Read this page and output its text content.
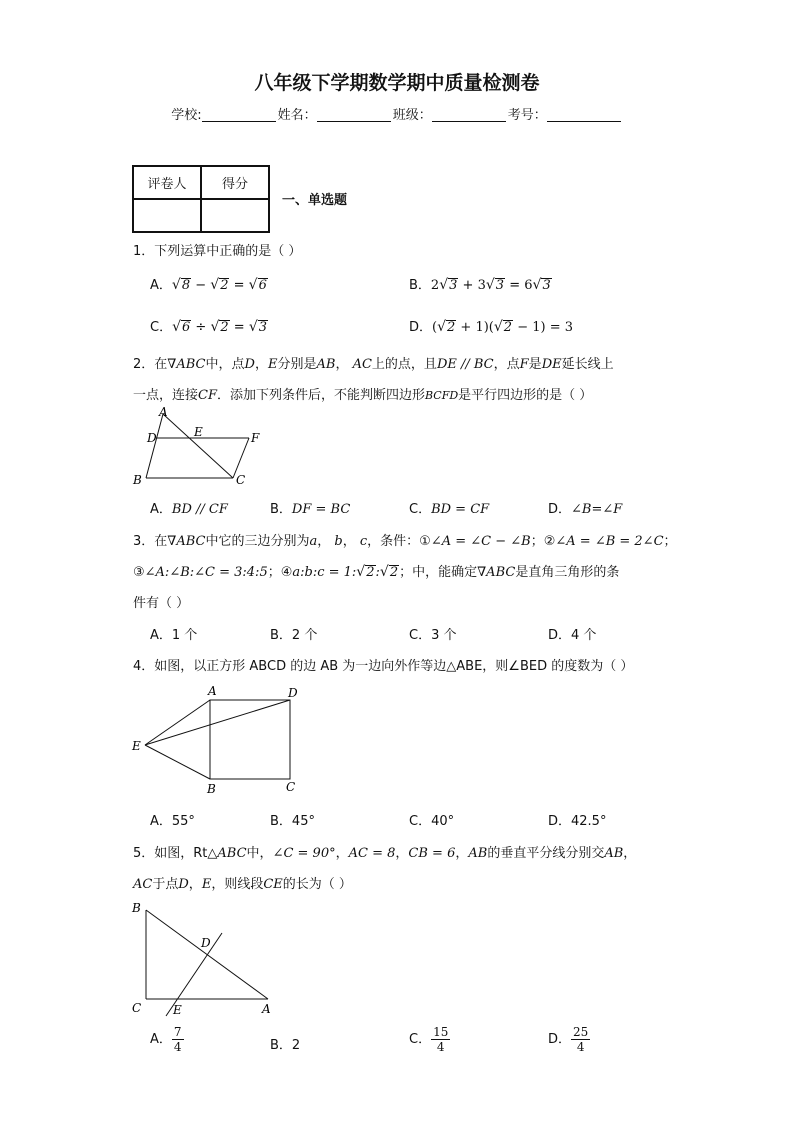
八年级下学期数学期中质量检测卷
学校:	姓名：	班级：	考号：
评卷人	得分

一、单选题
1．下列运算中正确的是（ ）
A．√8 − √2 = √6	B．2√3 + 3√3 = 6√3
C．√6 ÷ √2 = √3	D．(√2 + 1)(√2 − 1) = 3
2．在∇ABC中，点D，E分别是AB， AC上的点，且DE // BC，点F是DE延长线上
一点，连接CF．添加下列条件后，不能判断四边形BCFD是平行四边形的是（ ）
A
D	E	F
B	C
A．BD // CF	B．DF = BC	C．BD = CF	D．∠B=∠F
3．在∇ABC中它的三边分别为a， b， c，条件：①∠A = ∠C − ∠B；②∠A = ∠B = 2∠C；
③∠A:∠B:∠C = 3:4:5；④a:b:c = 1:√2:√2；中，能确定∇ABC是直角三角形的条
件有（ ）
A．1 个	B．2 个	C．3 个	D．4 个
4．如图，以正方形 ABCD 的边 AB 为一边向外作等边△ABE，则∠BED 的度数为（ ）
A	D
E
B	C
A．55°	B．45°	C．40°	D．42.5°
5．如图，Rt△ABC中，∠C = 90°，AC = 8，CB = 6，AB的垂直平分线分别交AB，
AC于点D，E，则线段CE的长为（ ）
B
D
C	E	A
A． $\frac{7}{4}$	B．2	C． $\frac{15}{4}$	D． $\frac{25}{4}$
